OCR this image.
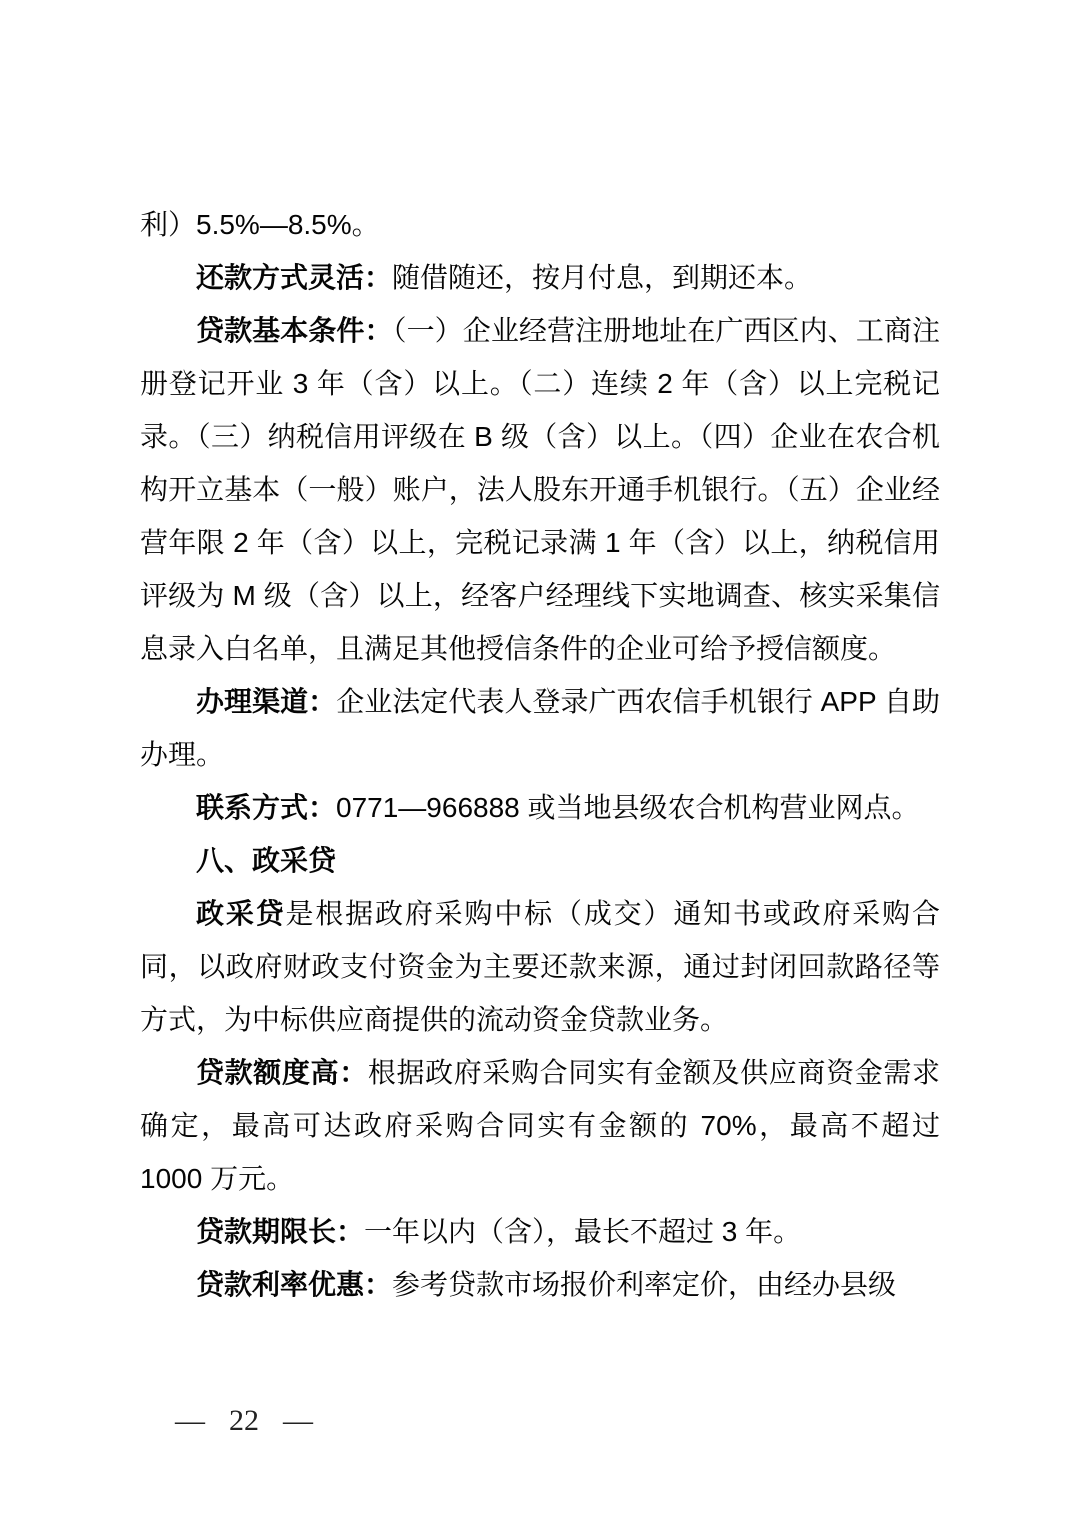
利）5.5%—8.5%。

还款方式灵活：随借随还，按月付息，到期还本。

贷款基本条件：（一）企业经营注册地址在广西区内、工商注册登记开业 3 年（含）以上。（二）连续 2 年（含）以上完税记录。（三）纳税信用评级在 B 级（含）以上。（四）企业在农合机构开立基本（一般）账户，法人股东开通手机银行。（五）企业经营年限 2 年（含）以上，完税记录满 1 年（含）以上，纳税信用评级为 M 级（含）以上，经客户经理线下实地调查、核实采集信息录入白名单，且满足其他授信条件的企业可给予授信额度。

办理渠道：企业法定代表人登录广西农信手机银行 APP 自助办理。

联系方式：0771—966888 或当地县级农合机构营业网点。

八、政采贷

政采贷是根据政府采购中标（成交）通知书或政府采购合同，以政府财政支付资金为主要还款来源，通过封闭回款路径等方式，为中标供应商提供的流动资金贷款业务。

贷款额度高：根据政府采购合同实有金额及供应商资金需求确定，最高可达政府采购合同实有金额的 70%，最高不超过 1000 万元。

贷款期限长：一年以内（含），最长不超过 3 年。

贷款利率优惠：参考贷款市场报价利率定价，由经办县级

— 22 —
